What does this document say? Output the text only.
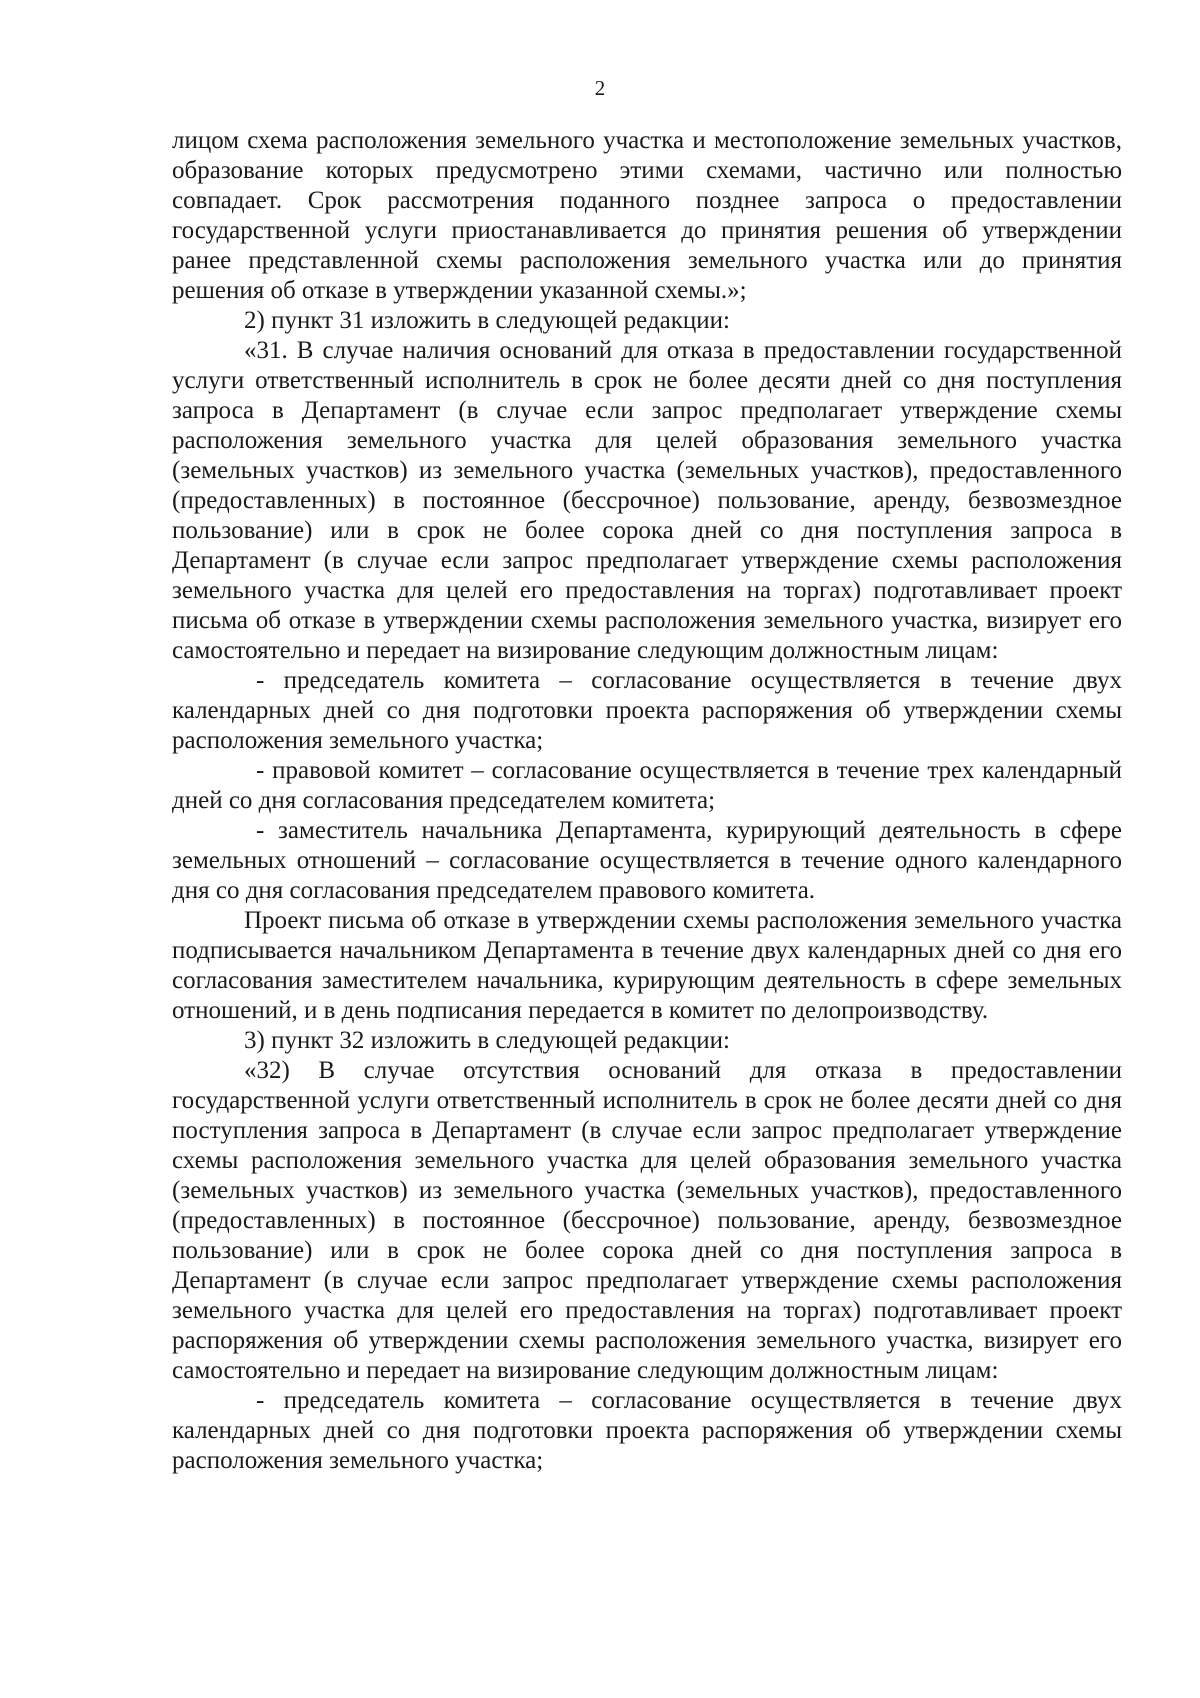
2

лицом схема расположения земельного участка и местоположение земельных участков, образование которых предусмотрено этими схемами, частично или полностью совпадает. Срок рассмотрения поданного позднее запроса о предоставлении государственной услуги приостанавливается до принятия решения об утверждении ранее представленной схемы расположения земельного участка или до принятия решения об отказе в утверждении указанной схемы.»;

2) пункт 31 изложить в следующей редакции:

«31. В случае наличия оснований для отказа в предоставлении государственной услуги ответственный исполнитель в срок не более десяти дней со дня поступления запроса в Департамент (в случае если запрос предполагает утверждение схемы расположения земельного участка для целей образования земельного участка (земельных участков) из земельного участка (земельных участков), предоставленного (предоставленных) в постоянное (бессрочное) пользование, аренду, безвозмездное пользование) или в срок не более сорока дней со дня поступления запроса в Департамент (в случае если запрос предполагает утверждение схемы расположения земельного участка для целей его предоставления на торгах) подготавливает проект письма об отказе в утверждении схемы расположения земельного участка, визирует его самостоятельно и передает на визирование следующим должностным лицам:

- председатель комитета – согласование осуществляется в течение двух календарных дней со дня подготовки проекта распоряжения об утверждении схемы расположения земельного участка;

- правовой комитет – согласование осуществляется в течение трех календарный дней со дня согласования председателем комитета;

- заместитель начальника Департамента, курирующий деятельность в сфере земельных отношений – согласование осуществляется в течение одного календарного дня со дня согласования председателем правового комитета.

Проект письма об отказе в утверждении схемы расположения земельного участка подписывается начальником Департамента в течение двух календарных дней со дня его согласования заместителем начальника, курирующим деятельность в сфере земельных отношений, и в день подписания передается в комитет по делопроизводству.

3) пункт 32 изложить в следующей редакции:

«32) В случае отсутствия оснований для отказа в предоставлении государственной услуги ответственный исполнитель в срок не более десяти дней со дня поступления запроса в Департамент (в случае если запрос предполагает утверждение схемы расположения земельного участка для целей образования земельного участка (земельных участков) из земельного участка (земельных участков), предоставленного (предоставленных) в постоянное (бессрочное) пользование, аренду, безвозмездное пользование) или в срок не более сорока дней со дня поступления запроса в Департамент (в случае если запрос предполагает утверждение схемы расположения земельного участка для целей его предоставления на торгах) подготавливает проект распоряжения об утверждении схемы расположения земельного участка, визирует его самостоятельно и передает на визирование следующим должностным лицам:

- председатель комитета – согласование осуществляется в течение двух календарных дней со дня подготовки проекта распоряжения об утверждении схемы расположения земельного участка;
